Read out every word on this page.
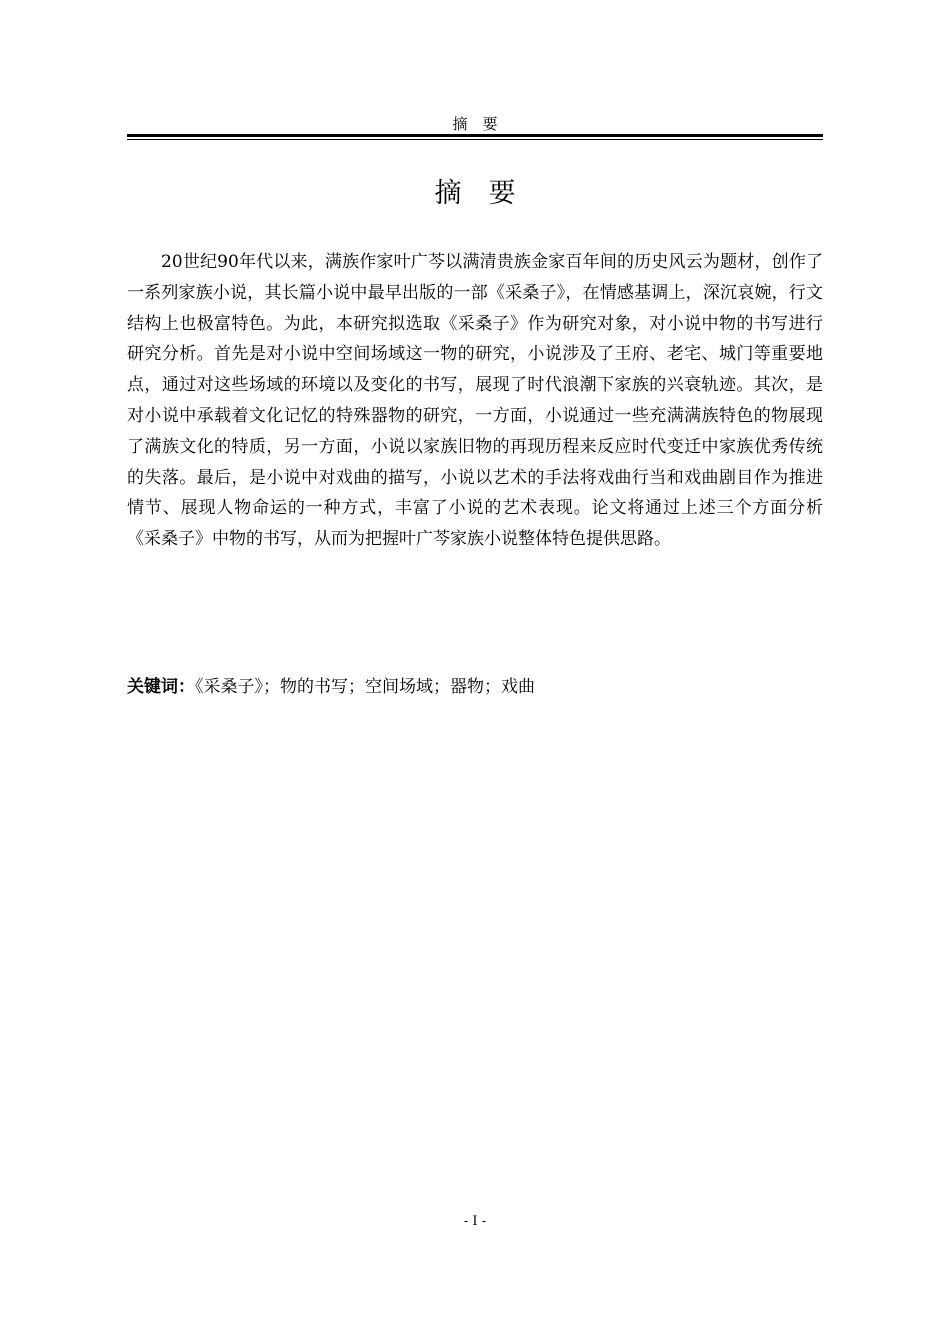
摘　要
摘　要

20世纪90年代以来，满族作家叶广芩以满清贵族金家百年间的历史风云为题材，创作了一系列家族小说，其长篇小说中最早出版的一部《采桑子》，在情感基调上，深沉哀婉，行文结构上也极富特色。为此，本研究拟选取《采桑子》作为研究对象，对小说中物的书写进行研究分析。首先是对小说中空间场域这一物的研究，小说涉及了王府、老宅、城门等重要地点，通过对这些场域的环境以及变化的书写，展现了时代浪潮下家族的兴衰轨迹。其次，是对小说中承载着文化记忆的特殊器物的研究，一方面，小说通过一些充满满族特色的物展现了满族文化的特质，另一方面，小说以家族旧物的再现历程来反应时代变迁中家族优秀传统的失落。最后，是小说中对戏曲的描写，小说以艺术的手法将戏曲行当和戏曲剧目作为推进情节、展现人物命运的一种方式，丰富了小说的艺术表现。论文将通过上述三个方面分析《采桑子》中物的书写，从而为把握叶广芩家族小说整体特色提供思路。

关键词：《采桑子》；物的书写；空间场域；器物；戏曲
- I -
